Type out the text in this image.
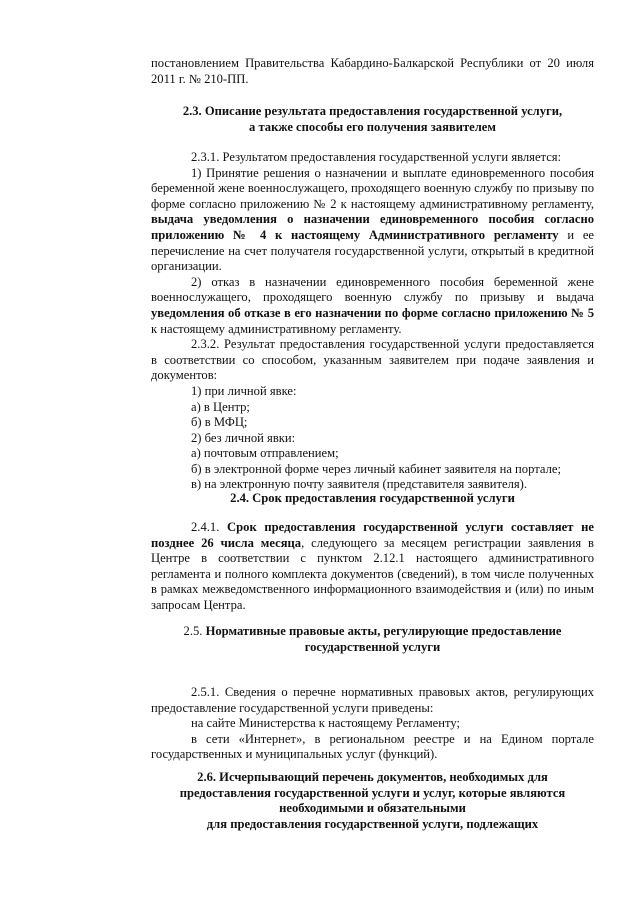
постановлением Правительства Кабардино-Балкарской Республики от 20 июля
2011 г. № 210-ПП.
2.3. Описание результата предоставления государственной услуги,
а также способы его получения заявителем
2.3.1. Результатом предоставления государственной услуги является:
1) Принятие решения о назначении и выплате единовременного пособия беременной жене военнослужащего, проходящего военную службу по призыву по форме согласно приложению № 2 к настоящему административному регламенту, выдача уведомления о назначении единовременного пособия согласно приложению № 4 к настоящему Административного регламенту и ее перечисление на счет получателя государственной услуги, открытый в кредитной организации.
2) отказ в назначении единовременного пособия беременной жене военнослужащего, проходящего военную службу по призыву и выдача уведомления об отказе в его назначении по форме согласно приложению № 5 к настоящему административному регламенту.
2.3.2. Результат предоставления государственной услуги предоставляется в соответствии со способом, указанным заявителем при подаче заявления и документов:
1) при личной явке:
а) в Центр;
б) в МФЦ;
2) без личной явки:
а) почтовым отправлением;
б) в электронной форме через личный кабинет заявителя на портале;
в) на электронную почту заявителя (представителя заявителя).
2.4. Срок предоставления государственной услуги
2.4.1. Срок предоставления государственной услуги составляет не позднее 26 числа месяца, следующего за месяцем регистрации заявления в Центре в соответствии с пунктом 2.12.1 настоящего административного регламента и полного комплекта документов (сведений), в том числе полученных в рамках межведомственного информационного взаимодействия и (или) по иным запросам Центра.
2.5. Нормативные правовые акты, регулирующие предоставление
государственной услуги
2.5.1. Сведения о перечне нормативных правовых актов, регулирующих предоставление государственной услуги приведены:
на сайте Министерства к настоящему Регламенту;
в сети «Интернет», в региональном реестре и на Едином портале государственных и муниципальных услуг (функций).
2.6. Исчерпывающий перечень документов, необходимых для
предоставления государственной услуги и услуг, которые являются
необходимыми и обязательными
для предоставления государственной услуги, подлежащих
